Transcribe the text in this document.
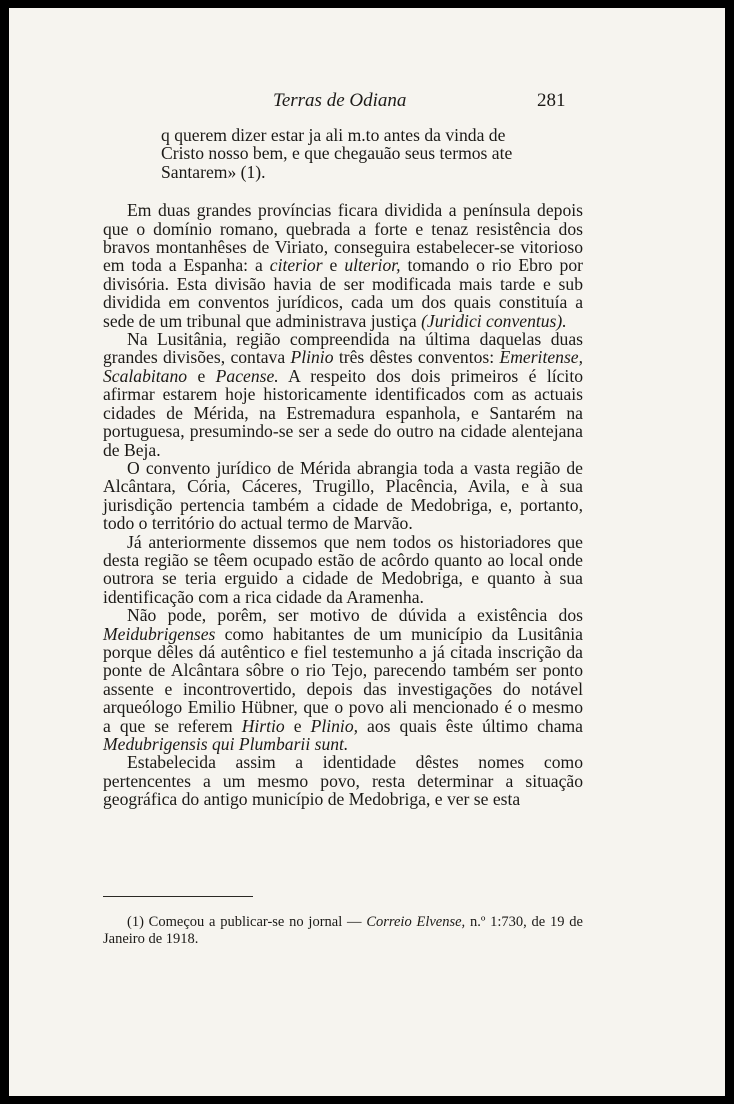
Terras de Odiana	281

q querem dizer estar ja ali m.to antes da vinda de
Cristo nosso bem, e que chegauão seus termos ate
Santarem» (1).

Em duas grandes províncias ficara dividida a península depois que o domínio romano, quebrada a forte e tenaz resistência dos bravos montanhêses de Viriato, conseguira estabelecer-se vitorioso em toda a Espanha: a citerior e ulterior, tomando o rio Ebro por divisória. Esta divisão havia de ser modificada mais tarde e sub dividida em conventos jurídicos, cada um dos quais constituía a sede de um tribunal que administrava justiça (Juridici conventus).

Na Lusitânia, região compreendida na última daquelas duas grandes divisões, contava Plinio três dêstes conventos: Emeritense, Scalabitano e Pacense. A respeito dos dois primeiros é lícito afirmar estarem hoje historicamente identificados com as actuais cidades de Mérida, na Estremadura espanhola, e Santarém na portuguesa, presumindo-se ser a sede do outro na cidade alentejana de Beja.

O convento jurídico de Mérida abrangia toda a vasta região de Alcântara, Cória, Cáceres, Trugillo, Placência, Avila, e à sua jurisdição pertencia também a cidade de Medobriga, e, portanto, todo o território do actual termo de Marvão.

Já anteriormente dissemos que nem todos os historiadores que desta região se têem ocupado estão de acôrdo quanto ao local onde outrora se teria erguido a cidade de Medobriga, e quanto à sua identificação com a rica cidade da Aramenha.

Não pode, porêm, ser motivo de dúvida a existência dos Meidubrigenses como habitantes de um município da Lusitânia porque dêles dá autêntico e fiel testemunho a já citada inscrição da ponte de Alcântara sôbre o rio Tejo, parecendo também ser ponto assente e incontrovertido, depois das investigações do notável arqueólogo Emilio Hübner, que o povo ali mencionado é o mesmo a que se referem Hirtio e Plinio, aos quais êste último chama Medubrigensis qui Plumbarii sunt.

Estabelecida assim a identidade dêstes nomes como pertencentes a um mesmo povo, resta determinar a situação geográfica do antigo município de Medobriga, e ver se esta

(1) Começou a publicar-se no jornal — Correio Elvense, n.º 1:730, de 19 de Janeiro de 1918.
